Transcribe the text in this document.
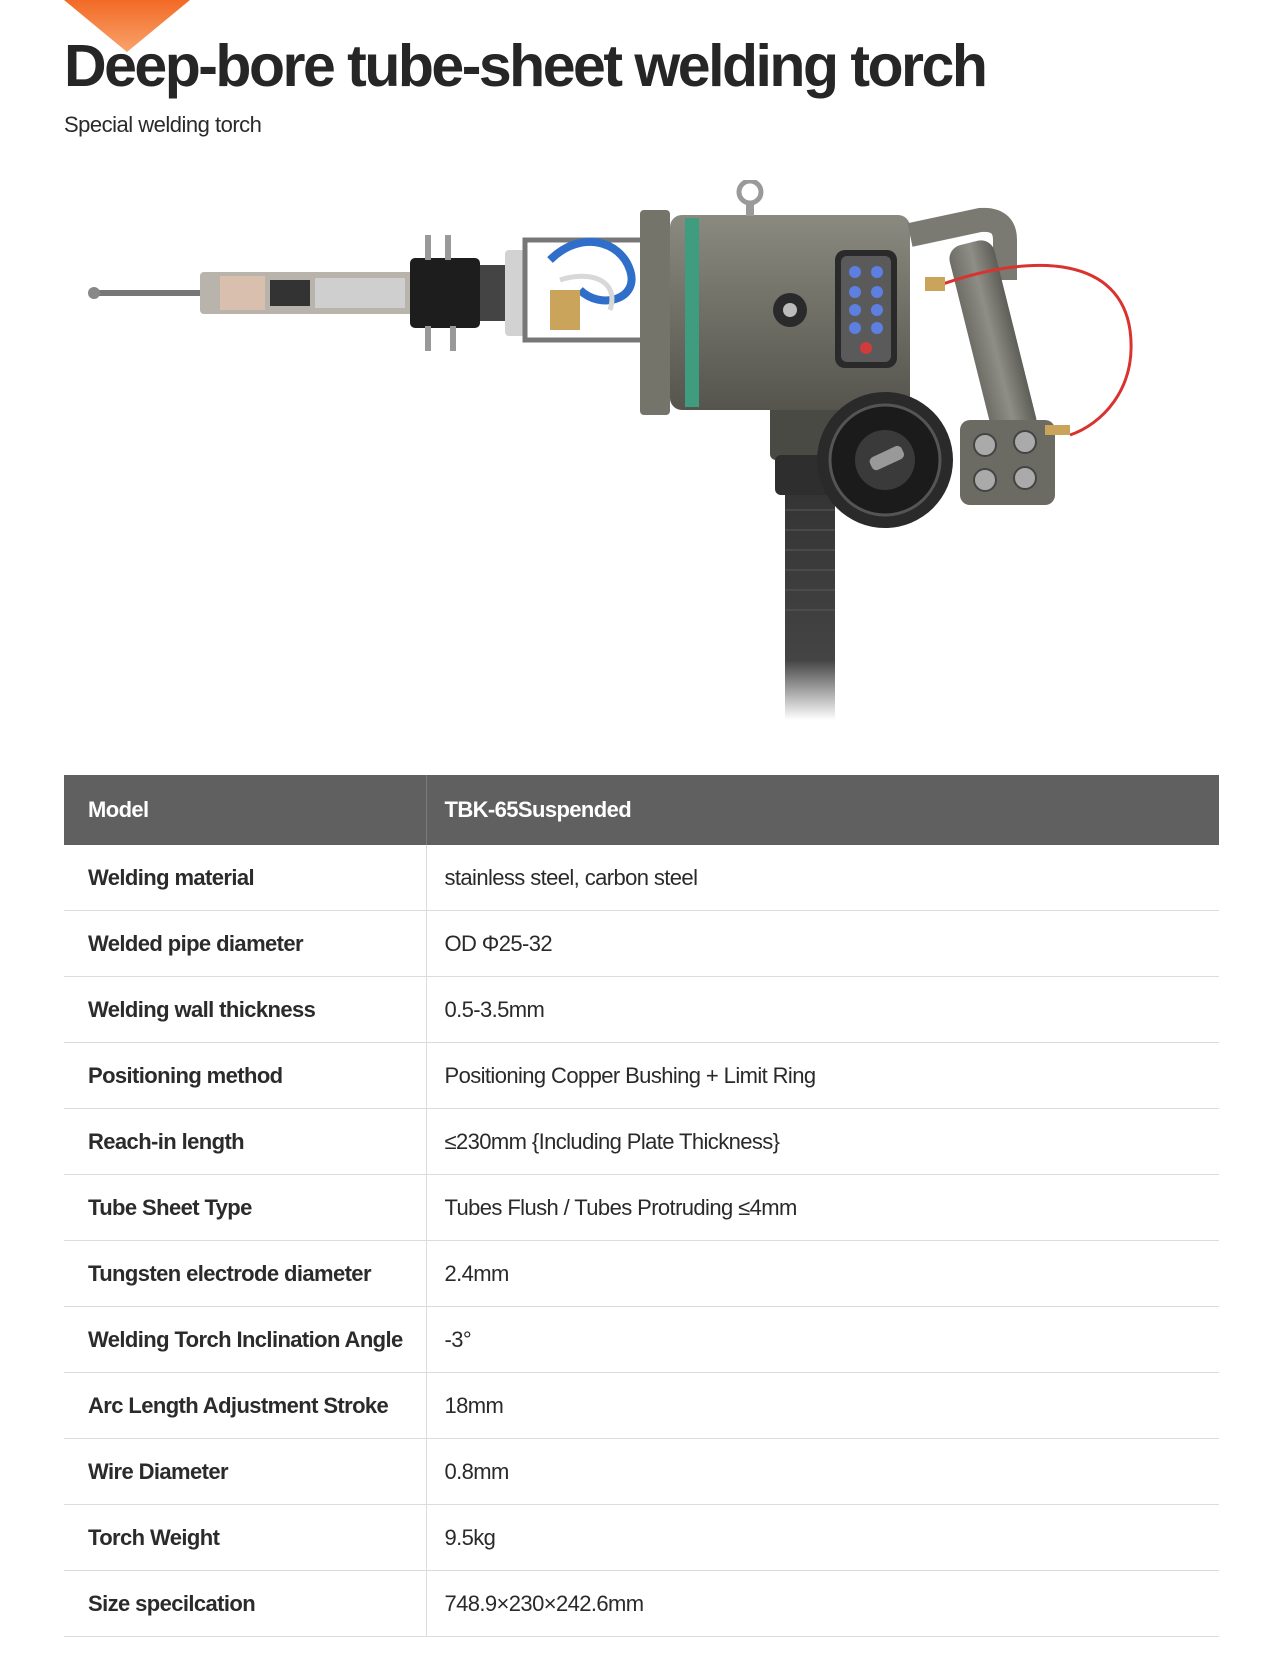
Deep-bore tube-sheet welding torch
Special welding torch
Model	TBK-65Suspended
Welding material	stainless steel, carbon steel
Welded pipe diameter	OD Φ25-32
Welding wall thickness	0.5-3.5mm
Positioning method	Positioning Copper Bushing + Limit Ring
Reach-in length	≤230mm {Including Plate Thickness}
Tube Sheet Type	Tubes Flush / Tubes Protruding ≤4mm
Tungsten electrode diameter	2.4mm
Welding Torch Inclination Angle	-3°
Arc Length Adjustment Stroke	18mm
Wire Diameter	0.8mm
Torch Weight	9.5kg
Size specilcation	748.9×230×242.6mm
